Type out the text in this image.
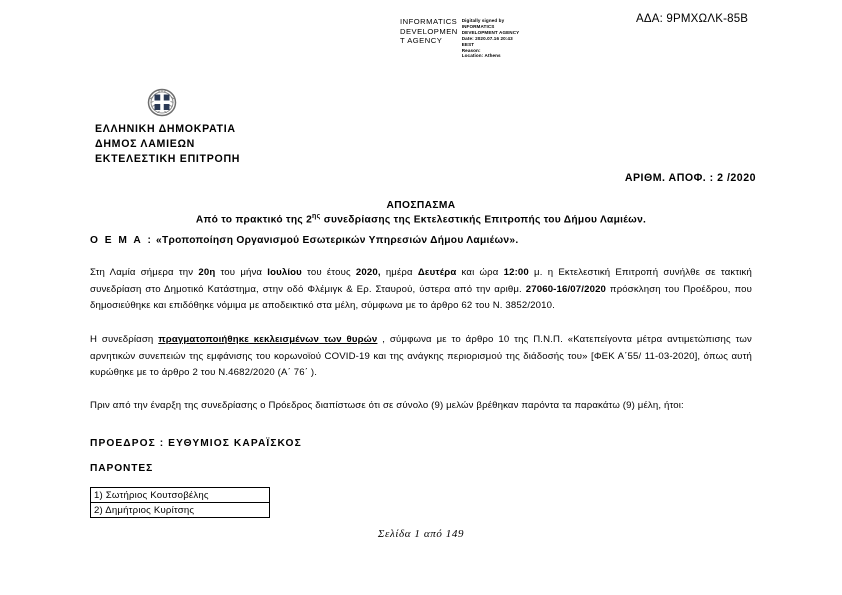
INFORMATICS
DEVELOPMEN
T AGENCY
Digitally signed by
INFORMATICS
DEVELOPMENT AGENCY
Date: 2020.07.16 20:43
EEST
Reason:
Location: Athens
ΑΔΑ: 9ΡΜΧΩΛΚ-85Β
ΕΛΛΗΝΙΚΗ ΔΗΜΟΚΡΑΤΙΑ
ΔΗΜΟΣ ΛΑΜΙΕΩΝ
ΕΚΤΕΛΕΣΤΙΚΗ ΕΠΙΤΡΟΠΗ
ΑΡΙΘΜ. ΑΠΟΦ. : 2 /2020
ΑΠΟΣΠΑΣΜΑ
Από το πρακτικό της $2^{\eta\varsigma}$ συνεδρίασης της Εκτελεστικής Επιτροπής του Δήμου Λαμιέων.
Ο Ε Μ Α : «Τροποποίηση Οργανισμού Εσωτερικών Υπηρεσιών Δήμου Λαμιέων».
Στη Λαμία σήμερα την 20η του μήνα Ιουλίου του έτους 2020, ημέρα Δευτέρα και ώρα 12:00 μ. η Εκτελεστική Επιτροπή συνήλθε σε τακτική συνεδρίαση στο Δημοτικό Κατάστημα, στην οδό Φλέμιγκ & Ερ. Σταυρού, ύστερα από την αριθμ. 27060-16/07/2020 πρόσκληση του Προέδρου, που δημοσιεύθηκε και επιδόθηκε νόμιμα με αποδεικτικό στα μέλη, σύμφωνα με το άρθρο 62 του Ν. 3852/2010.
Η συνεδρίαση πραγματοποιήθηκε κεκλεισμένων των θυρών , σύμφωνα με το άρθρο 10 της Π.Ν.Π. «Κατεπείγοντα μέτρα αντιμετώπισης των αρνητικών συνεπειών της εμφάνισης του κορωνοϊού COVID-19 και της ανάγκης περιορισμού της διάδοσής του» [ΦΕΚ Α΄55/ 11-03-2020], όπως αυτή κυρώθηκε με το άρθρο 2 του Ν.4682/2020 (Α΄ 76΄ ).
Πριν από την έναρξη της συνεδρίασης ο Πρόεδρος διαπίστωσε ότι σε σύνολο (9) μελών βρέθηκαν παρόντα τα παρακάτω (9) μέλη, ήτοι:
ΠΡΟΕΔΡΟΣ : ΕΥΘΥΜΙΟΣ ΚΑΡΑΪΣΚΟΣ
ΠΑΡΟΝΤΕΣ
1) Σωτήριος Κουτσοβέλης
2) Δημήτριος Κυρίτσης
Σελίδα 1 από 149
